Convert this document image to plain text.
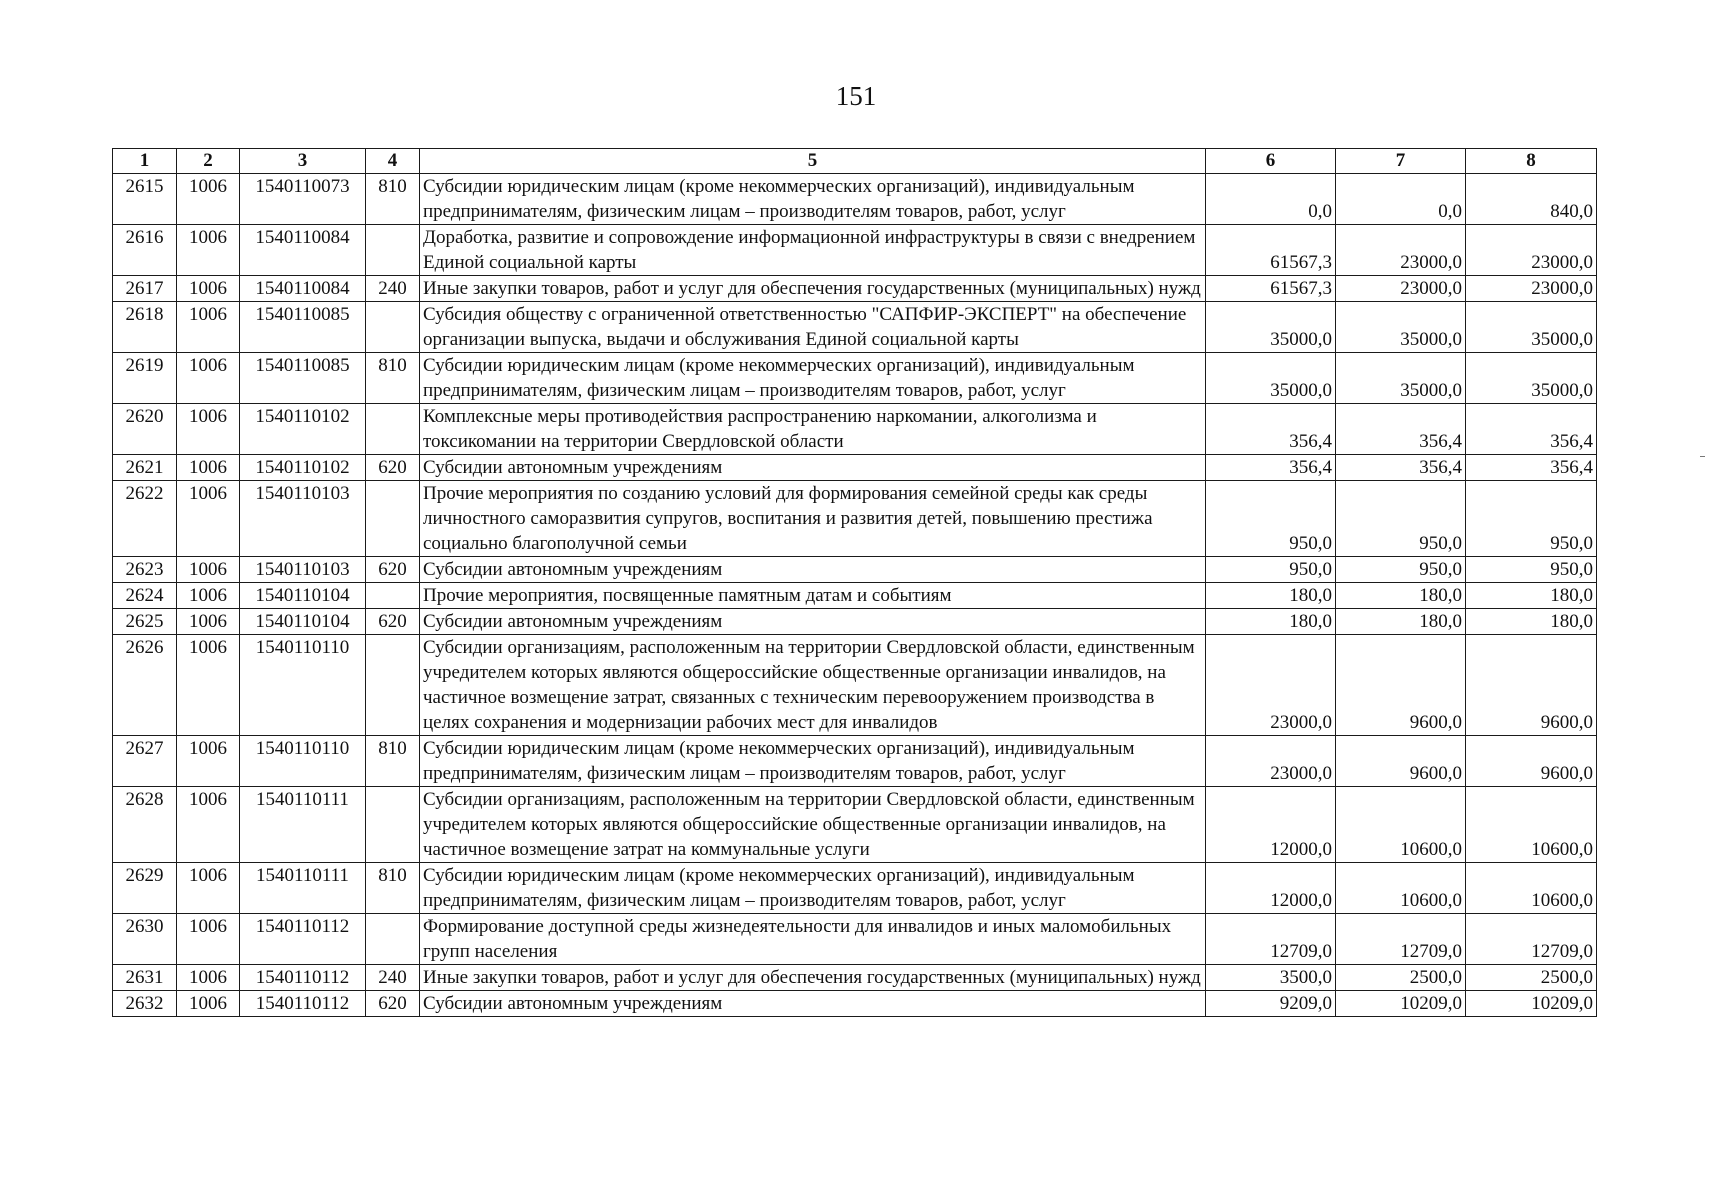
151
1	2	3	4	5	6	7	8
2615	1006	1540110073	810	Субсидии юридическим лицам (кроме некоммерческих организаций), индивидуальным предпринимателям, физическим лицам – производителям товаров, работ, услуг	0,0	0,0	840,0
2616	1006	1540110084		Доработка, развитие и сопровождение информационной инфраструктуры в связи с внедрением Единой социальной карты	61567,3	23000,0	23000,0
2617	1006	1540110084	240	Иные закупки товаров, работ и услуг для обеспечения государственных (муниципальных) нужд	61567,3	23000,0	23000,0
2618	1006	1540110085		Субсидия обществу с ограниченной ответственностью "САПФИР-ЭКСПЕРТ" на обеспечение организации выпуска, выдачи и обслуживания Единой социальной карты	35000,0	35000,0	35000,0
2619	1006	1540110085	810	Субсидии юридическим лицам (кроме некоммерческих организаций), индивидуальным предпринимателям, физическим лицам – производителям товаров, работ, услуг	35000,0	35000,0	35000,0
2620	1006	1540110102		Комплексные меры противодействия распространению наркомании, алкоголизма и токсикомании на территории Свердловской области	356,4	356,4	356,4
2621	1006	1540110102	620	Субсидии автономным учреждениям	356,4	356,4	356,4
2622	1006	1540110103		Прочие мероприятия по созданию условий для формирования семейной среды как среды личностного саморазвития супругов, воспитания и развития детей, повышению престижа социально благополучной семьи	950,0	950,0	950,0
2623	1006	1540110103	620	Субсидии автономным учреждениям	950,0	950,0	950,0
2624	1006	1540110104		Прочие мероприятия, посвященные памятным датам и событиям	180,0	180,0	180,0
2625	1006	1540110104	620	Субсидии автономным учреждениям	180,0	180,0	180,0
2626	1006	1540110110		Субсидии организациям, расположенным на территории Свердловской области, единственным учредителем которых являются общероссийские общественные организации инвалидов, на частичное возмещение затрат, связанных с техническим перевооружением производства в целях сохранения и модернизации рабочих мест для инвалидов	23000,0	9600,0	9600,0
2627	1006	1540110110	810	Субсидии юридическим лицам (кроме некоммерческих организаций), индивидуальным предпринимателям, физическим лицам – производителям товаров, работ, услуг	23000,0	9600,0	9600,0
2628	1006	1540110111		Субсидии организациям, расположенным на территории Свердловской области, единственным учредителем которых являются общероссийские общественные организации инвалидов, на частичное возмещение затрат на коммунальные услуги	12000,0	10600,0	10600,0
2629	1006	1540110111	810	Субсидии юридическим лицам (кроме некоммерческих организаций), индивидуальным предпринимателям, физическим лицам – производителям товаров, работ, услуг	12000,0	10600,0	10600,0
2630	1006	1540110112		Формирование доступной среды жизнедеятельности для инвалидов и иных маломобильных групп населения	12709,0	12709,0	12709,0
2631	1006	1540110112	240	Иные закупки товаров, работ и услуг для обеспечения государственных (муниципальных) нужд	3500,0	2500,0	2500,0
2632	1006	1540110112	620	Субсидии автономным учреждениям	9209,0	10209,0	10209,0
